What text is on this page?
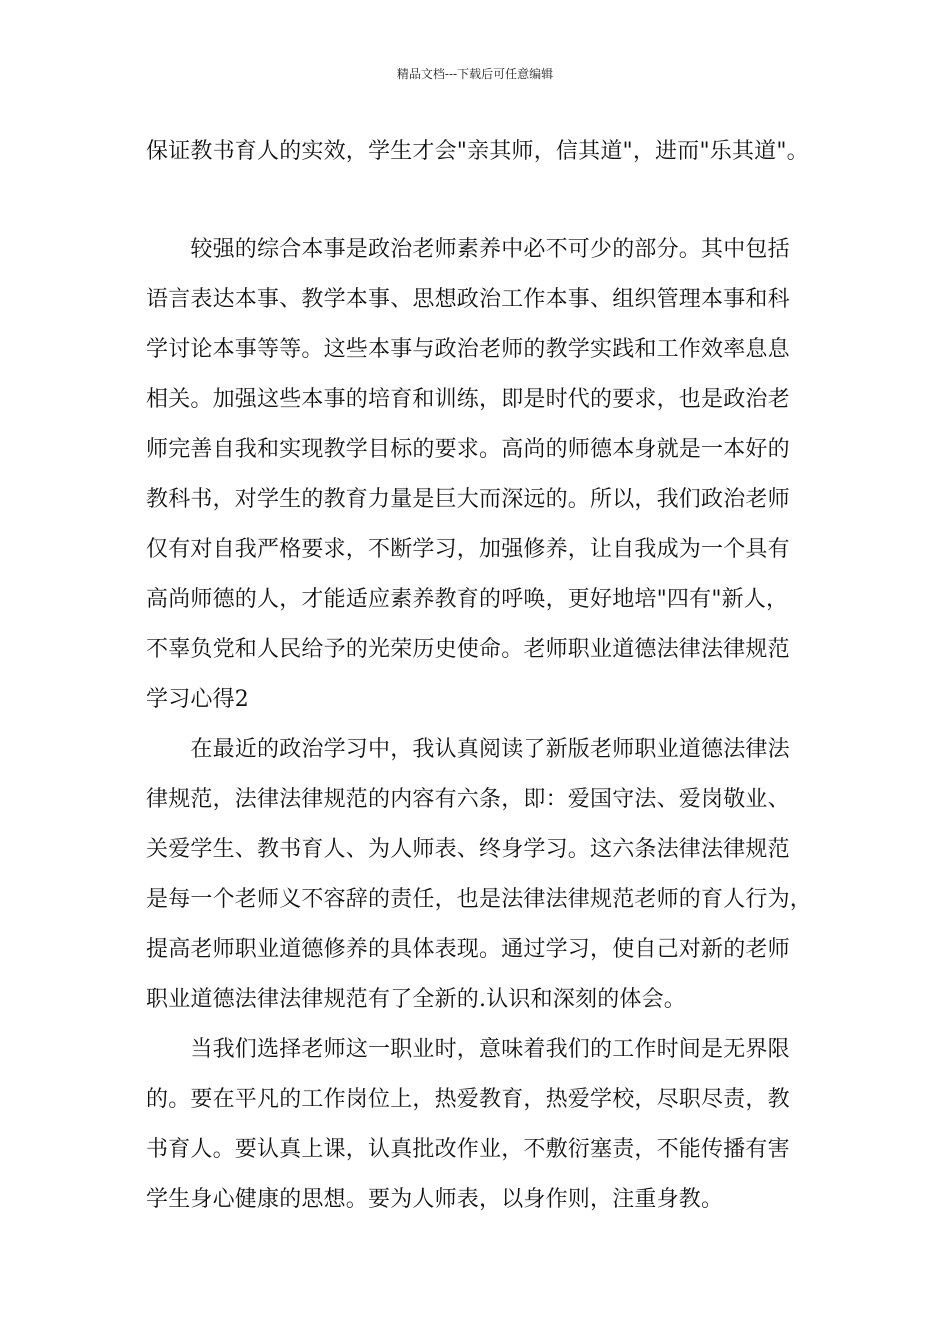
精品文档---下载后可任意编辑
保证教书育人的实效，学生才会"亲其师，信其道"，进而"乐其道"。
　　较强的综合本事是政治老师素养中必不可少的部分。其中包括
语言表达本事、教学本事、思想政治工作本事、组织管理本事和科
学讨论本事等等。这些本事与政治老师的教学实践和工作效率息息
相关。加强这些本事的培育和训练，即是时代的要求，也是政治老
师完善自我和实现教学目标的要求。高尚的师德本身就是一本好的
教科书，对学生的教育力量是巨大而深远的。所以，我们政治老师
仅有对自我严格要求，不断学习，加强修养，让自我成为一个具有
高尚师德的人，才能适应素养教育的呼唤，更好地培"四有"新人，
不辜负党和人民给予的光荣历史使命。老师职业道德法律法律规范
学习心得2
　　在最近的政治学习中，我认真阅读了新版老师职业道德法律法
律规范，法律法律规范的内容有六条，即：爱国守法、爱岗敬业、
关爱学生、教书育人、为人师表、终身学习。这六条法律法律规范
是每一个老师义不容辞的责任，也是法律法律规范老师的育人行为，
提高老师职业道德修养的具体表现。通过学习，使自己对新的老师
职业道德法律法律规范有了全新的.认识和深刻的体会。
　　当我们选择老师这一职业时，意味着我们的工作时间是无界限
的。要在平凡的工作岗位上，热爱教育，热爱学校，尽职尽责，教
书育人。要认真上课，认真批改作业，不敷衍塞责，不能传播有害
学生身心健康的思想。要为人师表，以身作则，注重身教。
